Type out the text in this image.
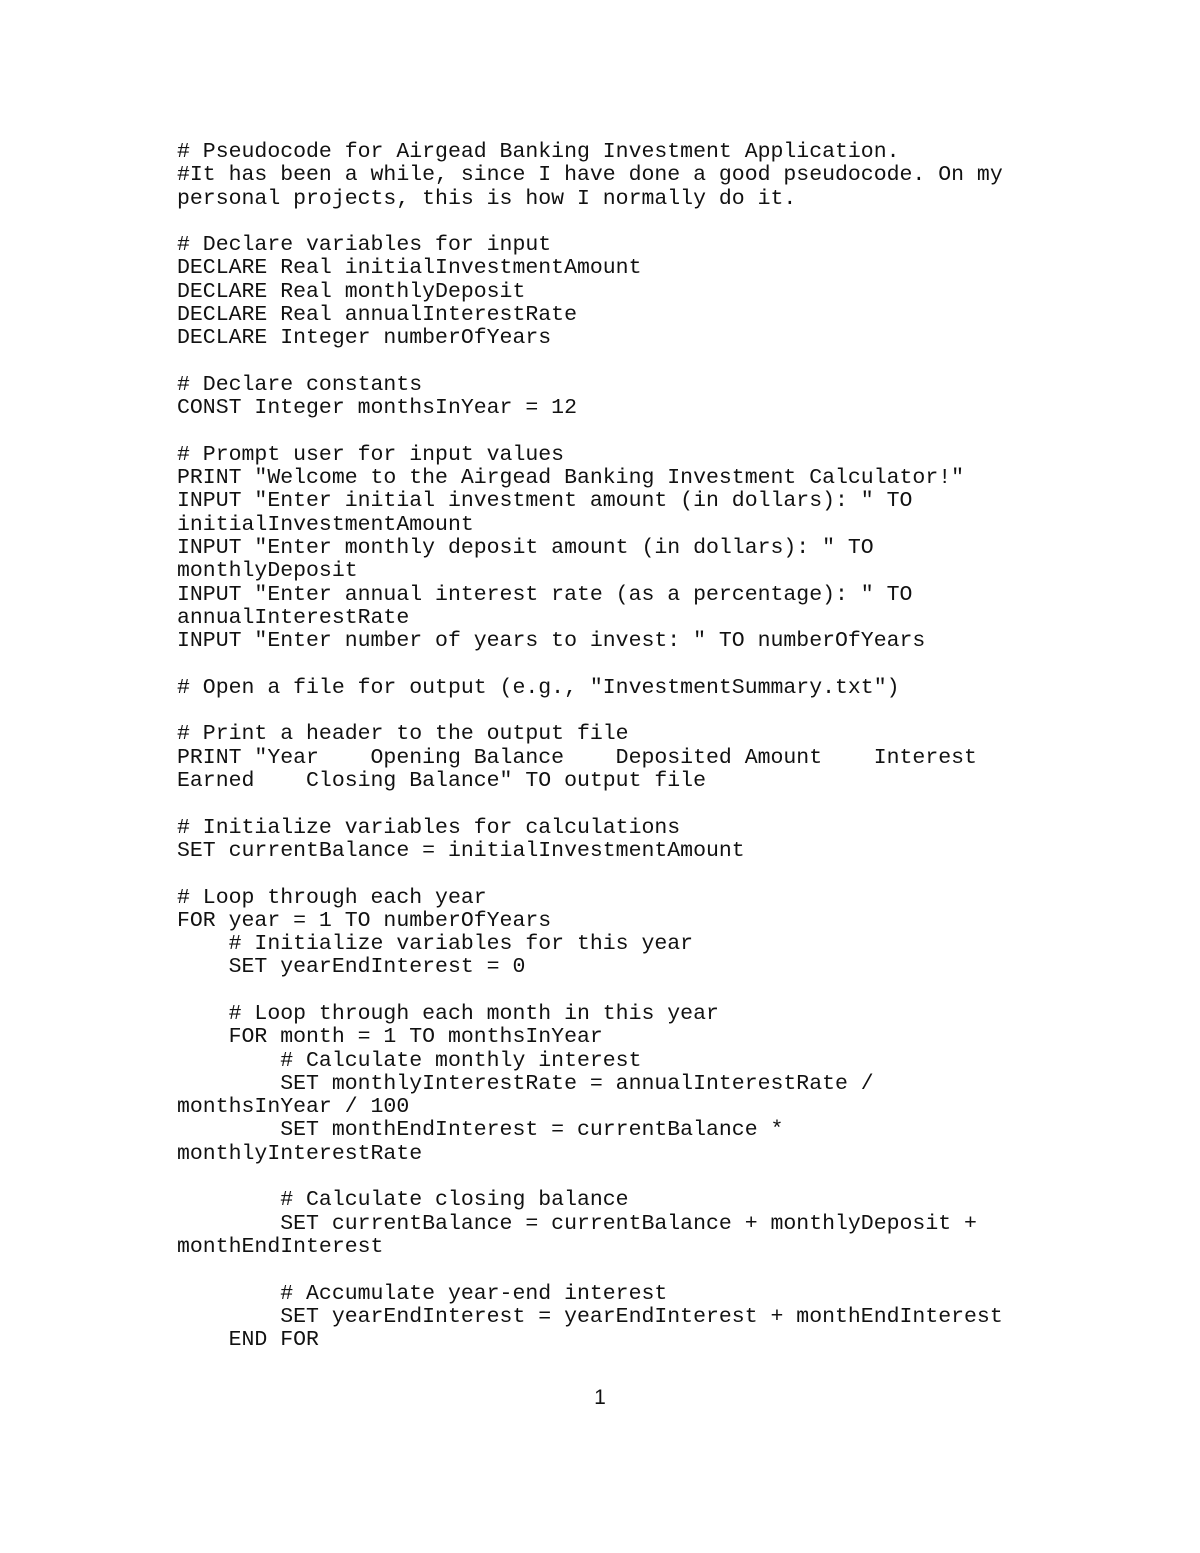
# Pseudocode for Airgead Banking Investment Application.
#It has been a while, since I have done a good pseudocode. On my
personal projects, this is how I normally do it.

# Declare variables for input
DECLARE Real initialInvestmentAmount
DECLARE Real monthlyDeposit
DECLARE Real annualInterestRate
DECLARE Integer numberOfYears

# Declare constants
CONST Integer monthsInYear = 12

# Prompt user for input values
PRINT "Welcome to the Airgead Banking Investment Calculator!"
INPUT "Enter initial investment amount (in dollars): " TO
initialInvestmentAmount
INPUT "Enter monthly deposit amount (in dollars): " TO
monthlyDeposit
INPUT "Enter annual interest rate (as a percentage): " TO
annualInterestRate
INPUT "Enter number of years to invest: " TO numberOfYears

# Open a file for output (e.g., "InvestmentSummary.txt")

# Print a header to the output file
PRINT "Year    Opening Balance    Deposited Amount    Interest
Earned    Closing Balance" TO output file

# Initialize variables for calculations
SET currentBalance = initialInvestmentAmount

# Loop through each year
FOR year = 1 TO numberOfYears
# Initialize variables for this year
SET yearEndInterest = 0

# Loop through each month in this year
FOR month = 1 TO monthsInYear
# Calculate monthly interest
SET monthlyInterestRate = annualInterestRate /
monthsInYear / 100
SET monthEndInterest = currentBalance *
monthlyInterestRate

# Calculate closing balance
SET currentBalance = currentBalance + monthlyDeposit +
monthEndInterest

# Accumulate year-end interest
SET yearEndInterest = yearEndInterest + monthEndInterest
END FOR
1
